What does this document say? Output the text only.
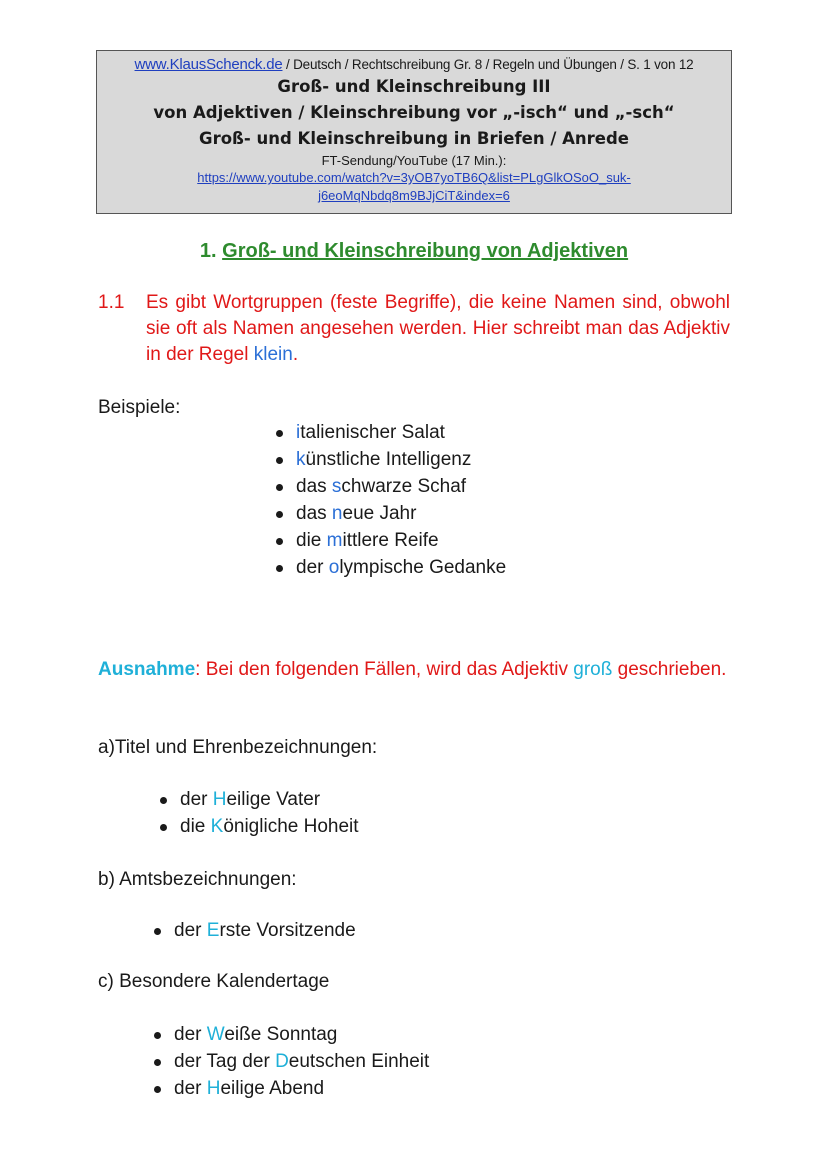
www.KlausSchenck.de / Deutsch / Rechtschreibung Gr. 8 / Regeln und Übungen / S. 1 von 12
Groß- und Kleinschreibung III
von Adjektiven / Kleinschreibung vor „-isch“ und „-sch“
Groß- und Kleinschreibung in Briefen / Anrede
FT-Sendung/YouTube (17 Min.):
https://www.youtube.com/watch?v=3yOB7yoTB6Q&list=PLgGlkOSoO_suk-
j6eoMqNbdq8m9BJjCiT&index=6
1. Groß- und Kleinschreibung von Adjektiven
1.1 Es gibt Wortgruppen (feste Begriffe), die keine Namen sind, obwohl sie oft als Namen angesehen werden. Hier schreibt man das Adjektiv in der Regel klein.
Beispiele:
italienischer Salat
künstliche Intelligenz
das schwarze Schaf
das neue Jahr
die mittlere Reife
der olympische Gedanke
Ausnahme: Bei den folgenden Fällen, wird das Adjektiv groß geschrieben.
a)Titel und Ehrenbezeichnungen:
der Heilige Vater
die Königliche Hoheit
b) Amtsbezeichnungen:
der Erste Vorsitzende
c) Besondere Kalendertage
der Weiße Sonntag
der Tag der Deutschen Einheit
der Heilige Abend
